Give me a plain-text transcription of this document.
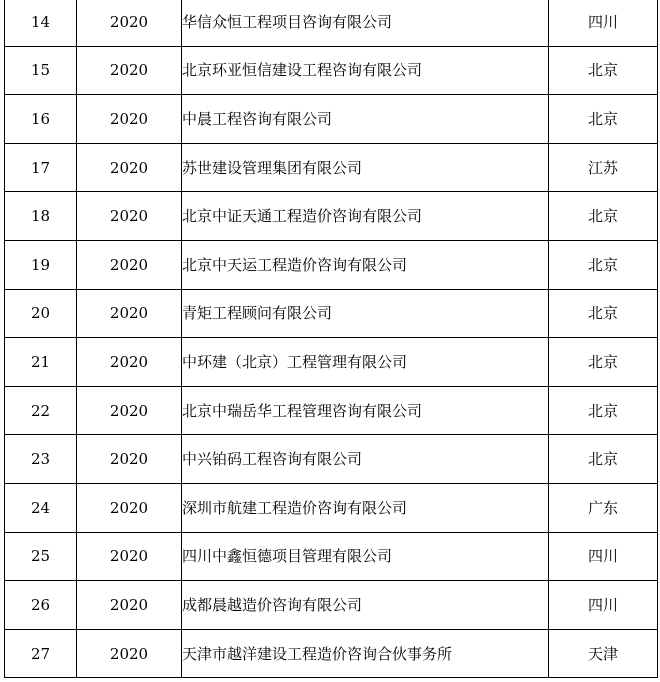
14	2020	华信众恒工程项目咨询有限公司	四川
15	2020	北京环亚恒信建设工程咨询有限公司	北京
16	2020	中晨工程咨询有限公司	北京
17	2020	苏世建设管理集团有限公司	江苏
18	2020	北京中证天通工程造价咨询有限公司	北京
19	2020	北京中天运工程造价咨询有限公司	北京
20	2020	青矩工程顾问有限公司	北京
21	2020	中环建（北京）工程管理有限公司	北京
22	2020	北京中瑞岳华工程管理咨询有限公司	北京
23	2020	中兴铂码工程咨询有限公司	北京
24	2020	深圳市航建工程造价咨询有限公司	广东
25	2020	四川中鑫恒德项目管理有限公司	四川
26	2020	成都晨越造价咨询有限公司	四川
27	2020	天津市越洋建设工程造价咨询合伙事务所	天津
